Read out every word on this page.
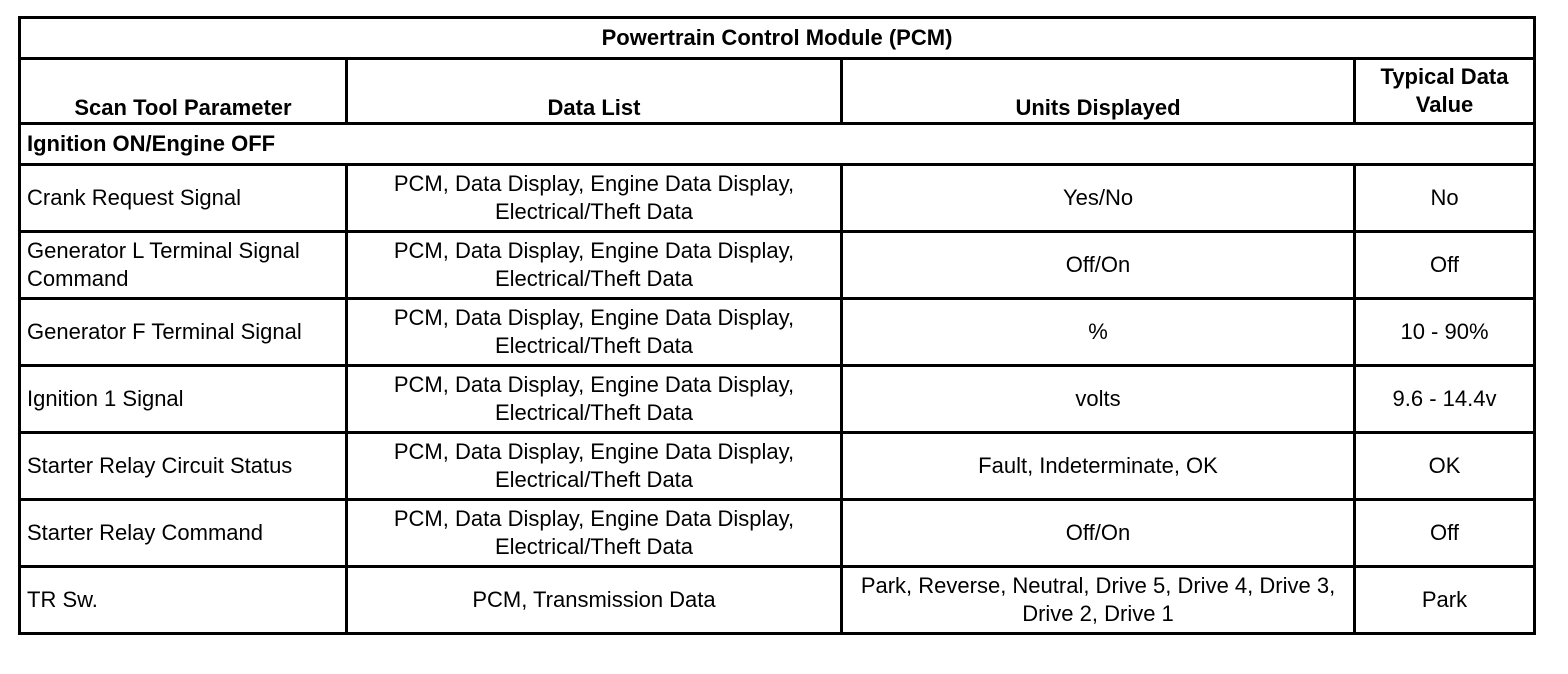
Powertrain Control Module (PCM)			
Scan Tool Parameter	Data List	Units Displayed	Typical Data Value
Ignition ON/Engine OFF			
Crank Request Signal	PCM, Data Display, Engine Data Display, Electrical/Theft Data	Yes/No	No
Generator L Terminal Signal Command	PCM, Data Display, Engine Data Display, Electrical/Theft Data	Off/On	Off
Generator F Terminal Signal	PCM, Data Display, Engine Data Display, Electrical/Theft Data	%	10 - 90%
Ignition 1 Signal	PCM, Data Display, Engine Data Display, Electrical/Theft Data	volts	9.6 - 14.4v
Starter Relay Circuit Status	PCM, Data Display, Engine Data Display, Electrical/Theft Data	Fault, Indeterminate, OK	OK
Starter Relay Command	PCM, Data Display, Engine Data Display, Electrical/Theft Data	Off/On	Off
TR Sw.	PCM, Transmission Data	Park, Reverse, Neutral, Drive 5, Drive 4, Drive 3, Drive 2, Drive 1	Park
